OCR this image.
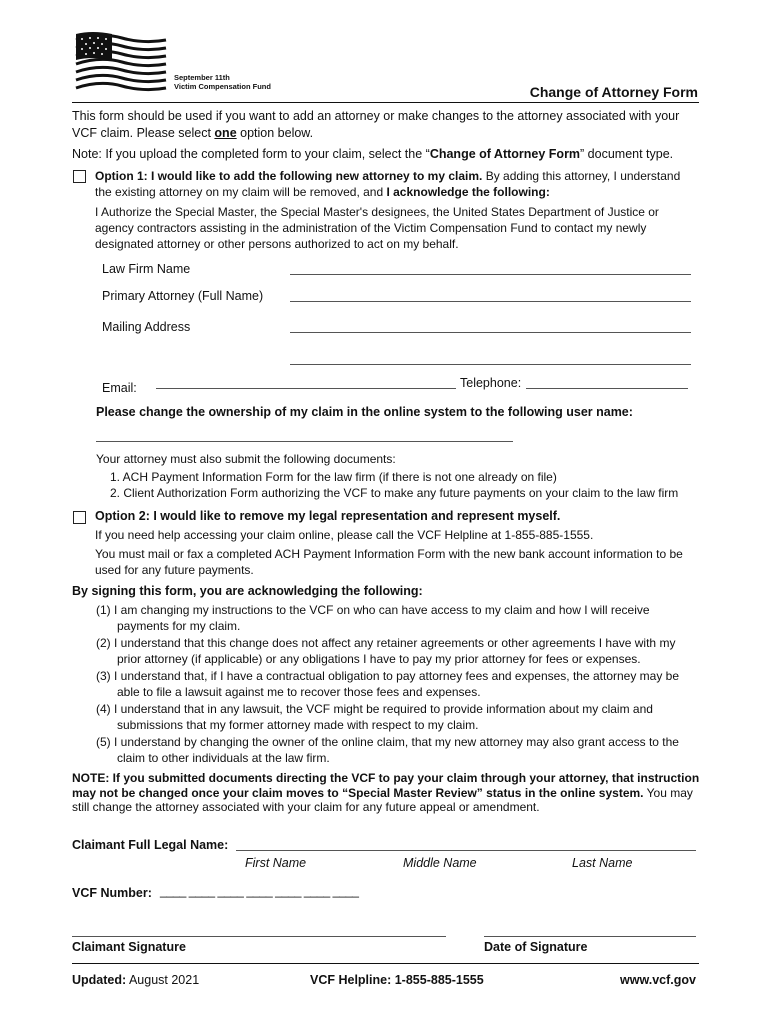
September 11th
Victim Compensation Fund	Change of Attorney Form
This form should be used if you want to add an attorney or make changes to the attorney associated with your VCF claim. Please select one option below.
Note: If you upload the completed form to your claim, select the “Change of Attorney Form” document type.
Option 1: I would like to add the following new attorney to my claim. By adding this attorney, I understand the existing attorney on my claim will be removed, and I acknowledge the following:
I Authorize the Special Master, the Special Master's designees, the United States Department of Justice or agency contractors assisting in the administration of the Victim Compensation Fund to contact my newly designated attorney or other persons authorized to act on my behalf.
Law Firm Name
Primary Attorney (Full Name)
Mailing Address
Email:	Telephone:
Please change the ownership of my claim in the online system to the following user name:
Your attorney must also submit the following documents:
1. ACH Payment Information Form for the law firm (if there is not one already on file)
2. Client Authorization Form authorizing the VCF to make any future payments on your claim to the law firm
Option 2: I would like to remove my legal representation and represent myself.
If you need help accessing your claim online, please call the VCF Helpline at 1-855-885-1555.
You must mail or fax a completed ACH Payment Information Form with the new bank account information to be used for any future payments.
By signing this form, you are acknowledging the following:
(1) I am changing my instructions to the VCF on who can have access to my claim and how I will receive payments for my claim.
(2) I understand that this change does not affect any retainer agreements or other agreements I have with my prior attorney (if applicable) or any obligations I have to pay my prior attorney for fees or expenses.
(3) I understand that, if I have a contractual obligation to pay attorney fees and expenses, the attorney may be able to file a lawsuit against me to recover those fees and expenses.
(4) I understand that in any lawsuit, the VCF might be required to provide information about my claim and submissions that my former attorney made with respect to my claim.
(5) I understand by changing the owner of the online claim, that my new attorney may also grant access to the claim to other individuals at the law firm.
NOTE: If you submitted documents directing the VCF to pay your claim through your attorney, that instruction may not be changed once your claim moves to “Special Master Review” status in the online system. You may still change the attorney associated with your claim for any future appeal or amendment.
Claimant Full Legal Name:
First Name	Middle Name	Last Name
VCF Number: ____ ____ ____ ____ ____ ____ ____
Claimant Signature	Date of Signature
Updated: August 2021	VCF Helpline: 1-855-885-1555	www.vcf.gov
